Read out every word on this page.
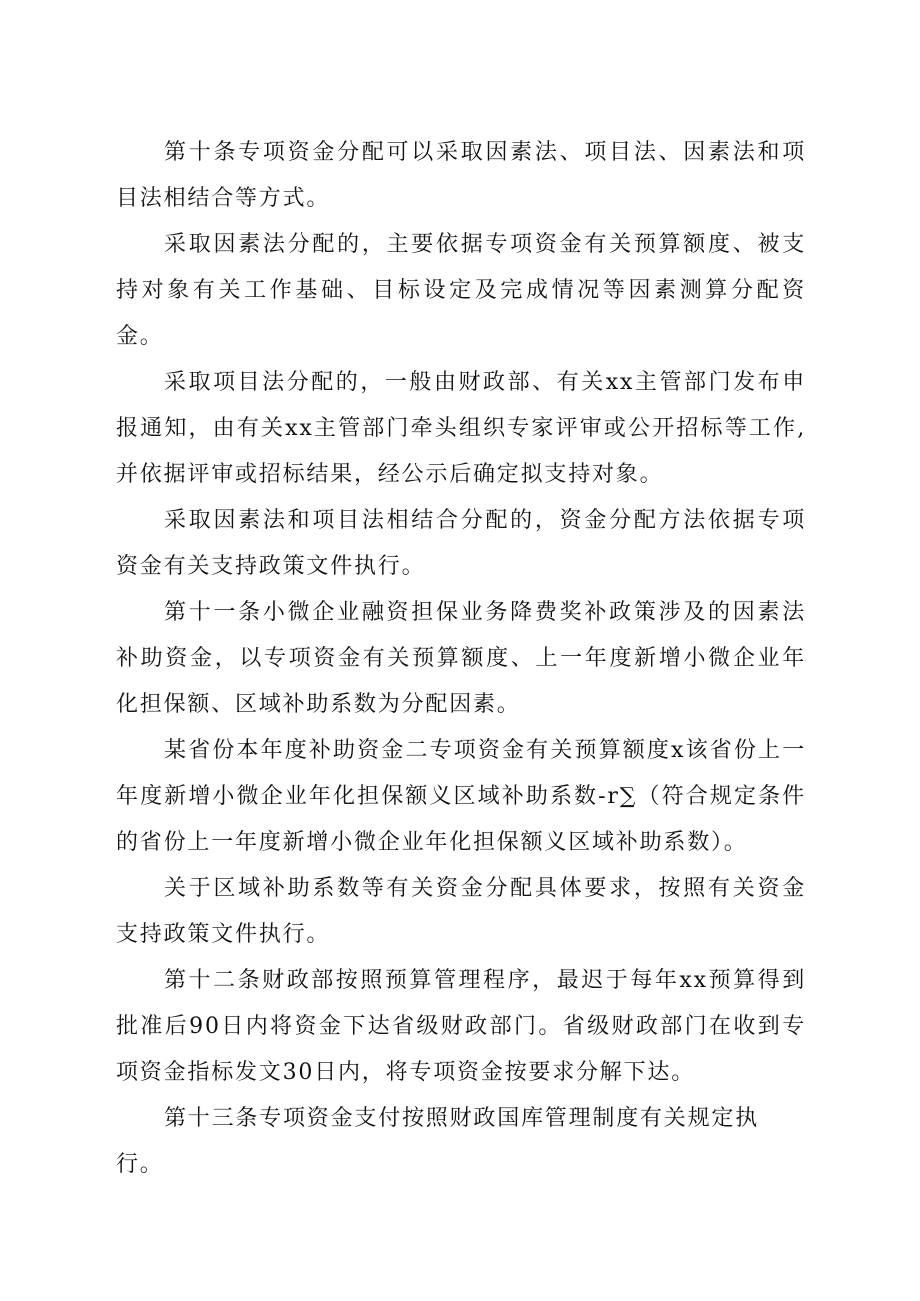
第十条专项资金分配可以采取因素法、项目法、因素法和项目法相结合等方式。

采取因素法分配的，主要依据专项资金有关预算额度、被支持对象有关工作基础、目标设定及完成情况等因素测算分配资金。

采取项目法分配的，一般由财政部、有关xx主管部门发布申报通知，由有关xx主管部门牵头组织专家评审或公开招标等工作,并依据评审或招标结果，经公示后确定拟支持对象。

采取因素法和项目法相结合分配的，资金分配方法依据专项资金有关支持政策文件执行。

第十一条小微企业融资担保业务降费奖补政策涉及的因素法补助资金，以专项资金有关预算额度、上一年度新增小微企业年化担保额、区域补助系数为分配因素。

某省份本年度补助资金二专项资金有关预算额度x该省份上一年度新增小微企业年化担保额义区域补助系数-r∑（符合规定条件的省份上一年度新增小微企业年化担保额义区域补助系数）。

关于区域补助系数等有关资金分配具体要求，按照有关资金支持政策文件执行。

第十二条财政部按照预算管理程序，最迟于每年xx预算得到批准后90日内将资金下达省级财政部门。省级财政部门在收到专项资金指标发文30日内，将专项资金按要求分解下达。

第十三条专项资金支付按照财政国库管理制度有关规定执行。
